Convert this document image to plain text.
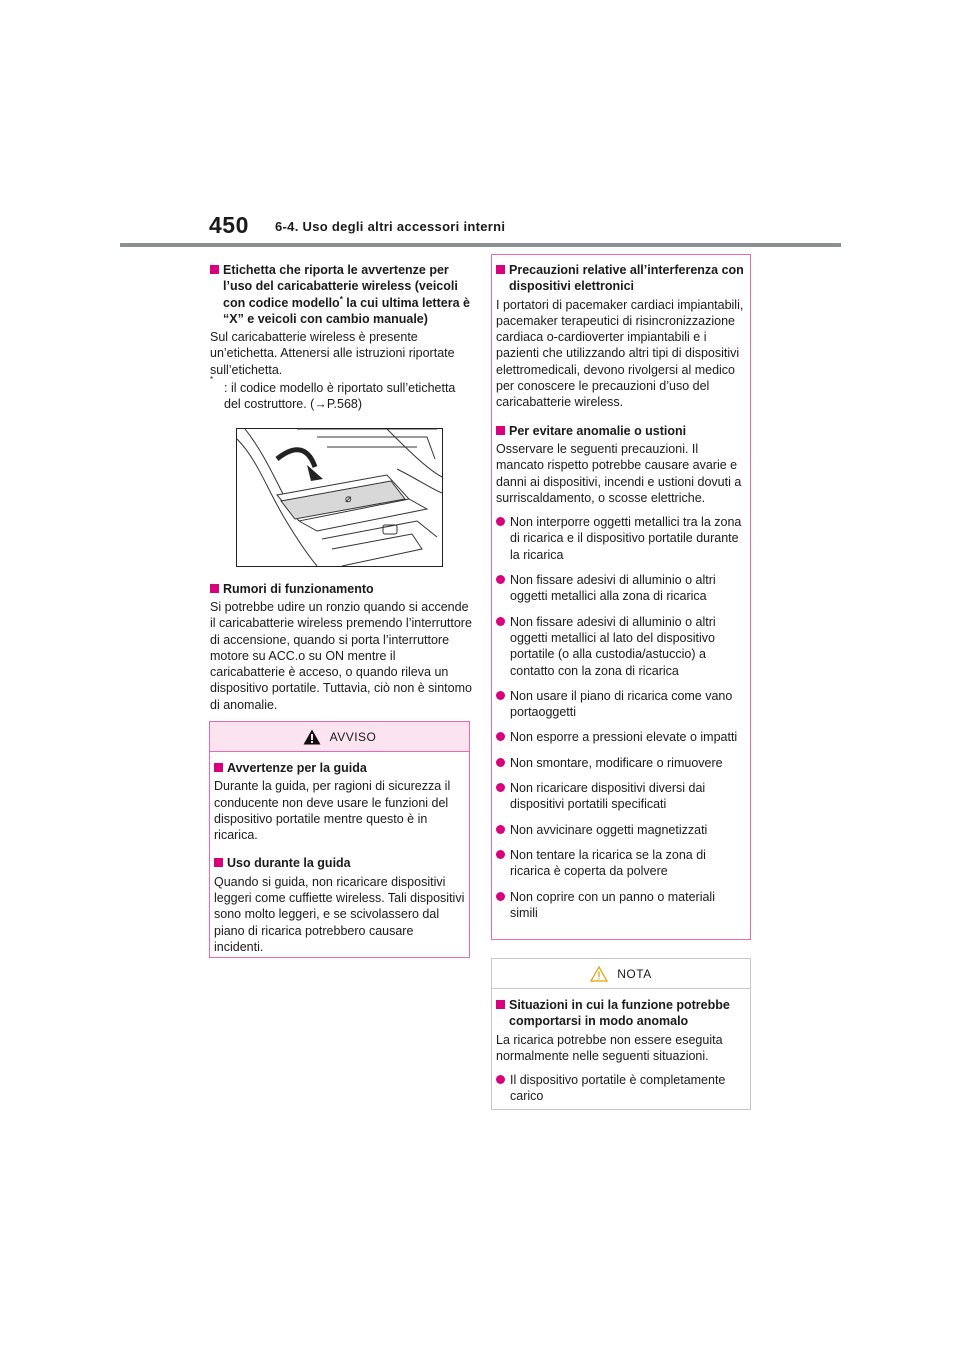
450 6-4. Uso degli altri accessori interni
Etichetta che riporta le avvertenze per l’uso del caricabatterie wireless (veicoli con codice modello* la cui ultima lettera è “X” e veicoli con cambio manuale)
Sul caricabatterie wireless è presente un’etichetta. Attenersi alle istruzioni riportate sull’etichetta.
*
: il codice modello è riportato sull’etichetta del costruttore. (→P.568)
⌀
Rumori di funzionamento
Si potrebbe udire un ronzio quando si accende il caricabatterie wireless premendo l’interruttore di accensione, quando si porta l’interruttore motore su ACC.o su ON mentre il caricabatterie è acceso, o quando rileva un dispositivo portatile. Tuttavia, ciò non è sintomo di anomalie.
AVVISO
Avvertenze per la guida
Durante la guida, per ragioni di sicurezza il conducente non deve usare le funzioni del dispositivo portatile mentre questo è in ricarica.
Uso durante la guida
Quando si guida, non ricaricare dispositivi leggeri come cuffiette wireless. Tali dispositivi sono molto leggeri, e se scivolassero dal piano di ricarica potrebbero causare incidenti.
Precauzioni relative all’interferenza con dispositivi elettronici
I portatori di pacemaker cardiaci impiantabili, pacemaker terapeutici di risincronizzazione cardiaca o-cardioverter impiantabili e i pazienti che utilizzando altri tipi di dispositivi elettromedicali, devono rivolgersi al medico per conoscere le precauzioni d’uso del caricabatterie wireless.
Per evitare anomalie o ustioni
Osservare le seguenti precauzioni. Il mancato rispetto potrebbe causare avarie e danni ai dispositivi, incendi e ustioni dovuti a surriscaldamento, o scosse elettriche.
Non interporre oggetti metallici tra la zona di ricarica e il dispositivo portatile durante la ricarica
Non fissare adesivi di alluminio o altri oggetti metallici alla zona di ricarica
Non fissare adesivi di alluminio o altri oggetti metallici al lato del dispositivo portatile (o alla custodia/astuccio) a contatto con la zona di ricarica
Non usare il piano di ricarica come vano portaoggetti
Non esporre a pressioni elevate o impatti
Non smontare, modificare o rimuovere
Non ricaricare dispositivi diversi dai dispositivi portatili specificati
Non avvicinare oggetti magnetizzati
Non tentare la ricarica se la zona di ricarica è coperta da polvere
Non coprire con un panno o materiali simili
NOTA
Situazioni in cui la funzione potrebbe comportarsi in modo anomalo
La ricarica potrebbe non essere eseguita normalmente nelle seguenti situazioni.
Il dispositivo portatile è completamente carico
